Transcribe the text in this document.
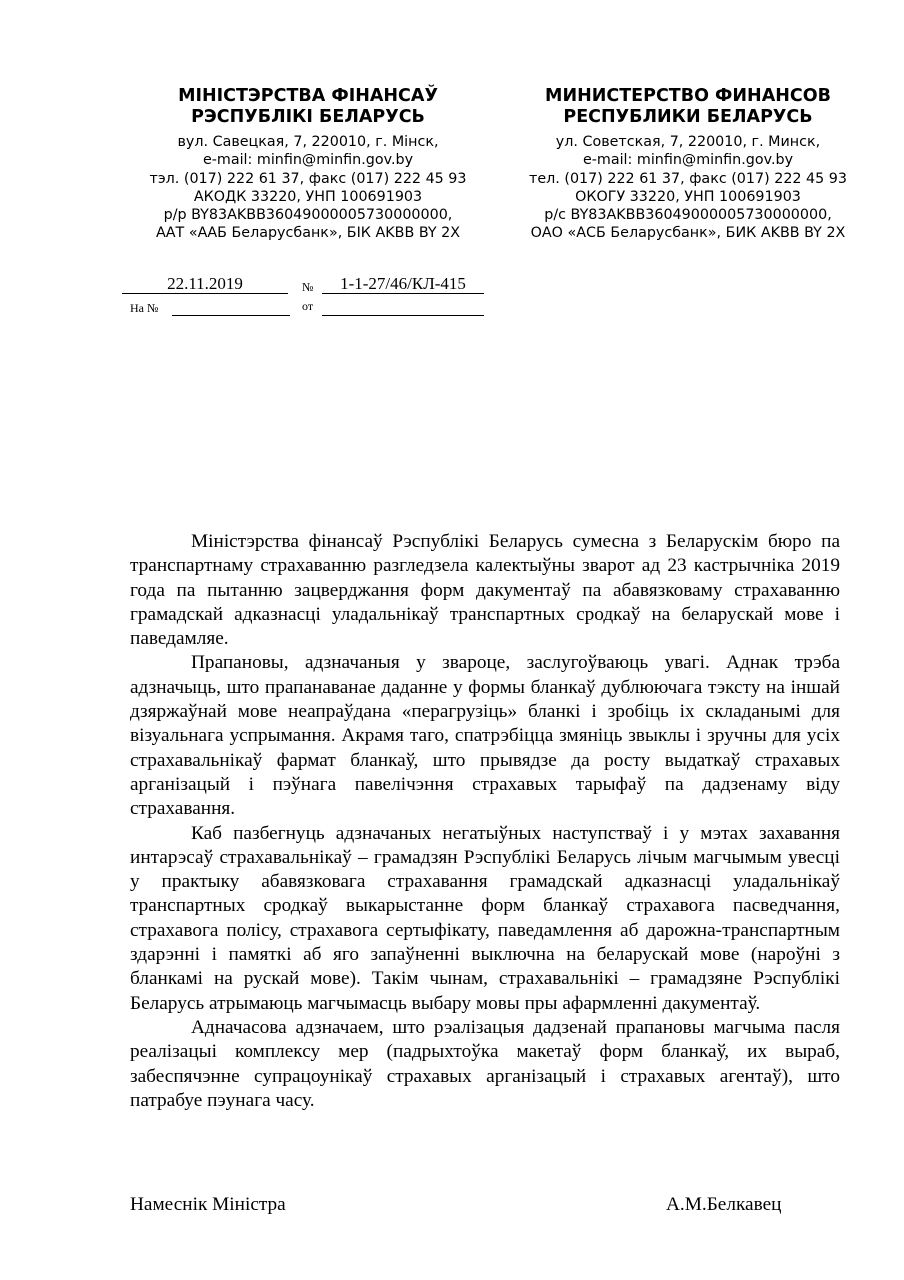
МІНІСТЭРСТВА ФІНАНСАЎ
РЭСПУБЛІКІ БЕЛАРУСЬ
вул. Савецкая, 7, 220010, г. Мінск,
e-mail: minfin@minfin.gov.by
тэл. (017) 222 61 37, факс (017) 222 45 93
АКОДК 33220, УНП 100691903
р/р BY83AKBB36049000005730000000,
ААТ «ААБ Беларусбанк», БІК AKBB BY 2X
МИНИСТЕРСТВО ФИНАНСОВ
РЕСПУБЛИКИ БЕЛАРУСЬ
ул. Советская, 7, 220010, г. Минск,
e-mail: minfin@minfin.gov.by
тел. (017) 222 61 37, факс (017) 222 45 93
ОКОГУ 33220, УНП 100691903
р/с BY83AKBB36049000005730000000,
ОАО «АСБ Беларусбанк», БИК AKBB BY 2X
22.11.2019	№	1-1-27/46/КЛ-415
На №	от

Міністэрства фінансаў Рэспублікі Беларусь сумесна з Беларускім бюро па транспартнаму страхаванню разгледзела калектыўны зварот ад 23 кастрычніка 2019 года па пытанню зацверджання форм дакументаў па абавязковаму страхаванню грамадскай адказнасці уладальнікаў транспартных сродкаў на беларускай мове і паведамляе.

Прапановы, адзначаныя у звароце, заслугоўваюць увагі. Аднак трэба адзначыць, што прапанаванае даданне у формы бланкаў дублюючага тэксту на іншай дзяржаўнай мове неапраўдана «перагрузіць» бланкі і зробіць іх складанымі для візуальнага успрымання. Акрамя таго, спатрэбіцца змяніць звыклы і зручны для усіх страхавальнікаў фармат бланкаў, што прывядзе да росту выдаткаў страхавых арганізацый і пэўнага павелічэння страхавых тарыфаў па дадзенаму віду страхавання.

Каб пазбегнуць адзначаных негатыўных наступстваў і у мэтах захавання интарэсаў страхавальнікаў – грамадзян Рэспублікі Беларусь лічым магчымым увесці у практыку абавязковага страхавання грамадскай адказнасці уладальнікаў транспартных сродкаў выкарыстанне форм бланкаў страхавога пасведчання, страхавога полісу, страхавога сертыфікату, паведамлення аб дарожна-транспартным здарэнні і памяткі аб яго запаўненні выключна на беларускай мове (нароўні з бланкамі на рускай мове). Такім чынам, страхавальнікі – грамадзяне Рэспублікі Беларусь атрымаюць магчымасць выбару мовы пры афармленні дакументаў.

Адначасова адзначаем, што рэалізацыя дадзенай прапановы магчыма пасля реалізацыі комплексу мер (падрыхтоўка макетаў форм бланкаў, их выраб, забеспячэнне супрацоунікаў страхавых арганізацый і страхавых агентаў), што патрабуе пэунага часу.

Намеснік Міністра	А.М.Белкавец
